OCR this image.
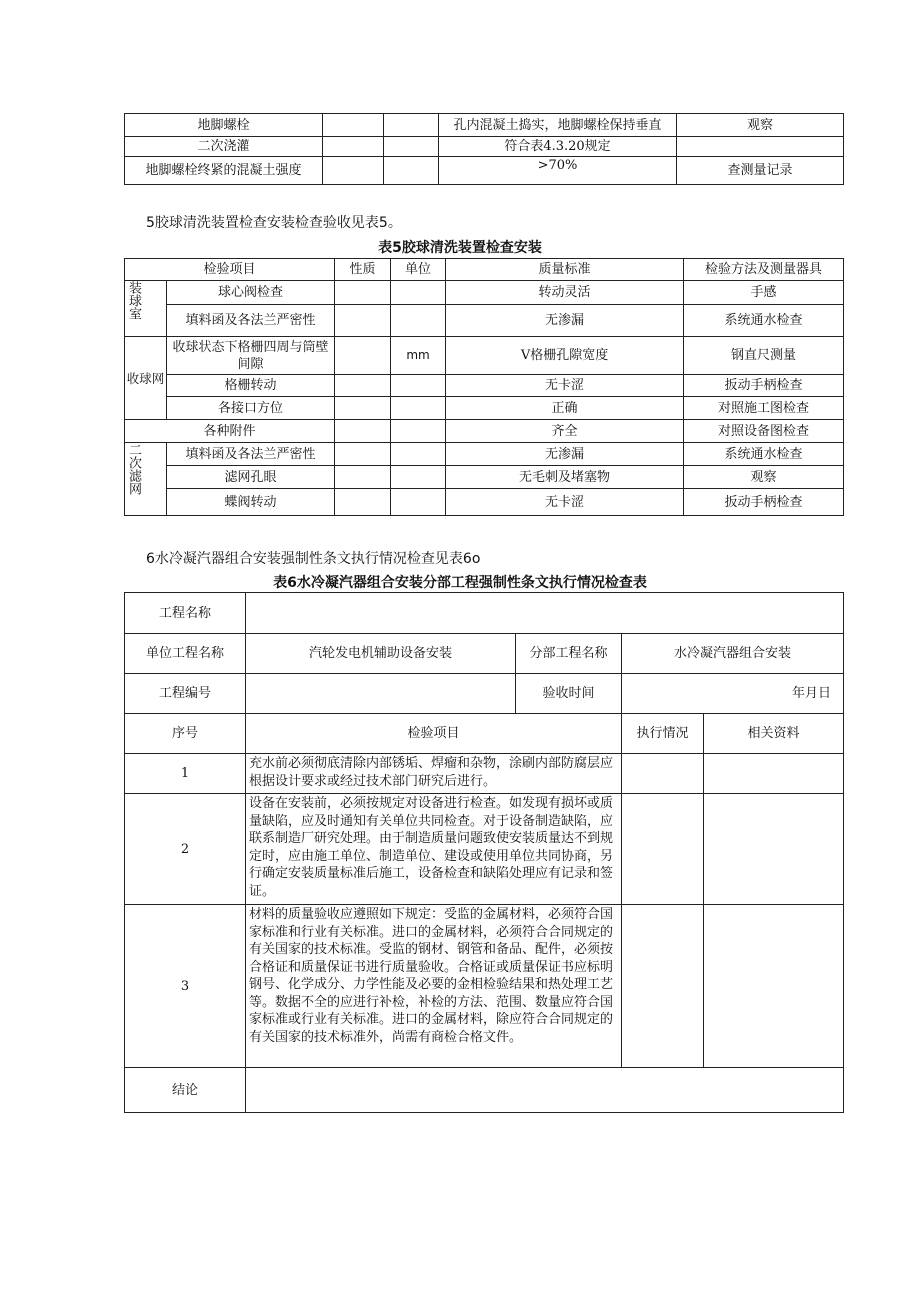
地脚螺栓			孔内混凝土捣实，地脚螺栓保持垂直	观察
二次浇灌			符合表4.3.20规定	
地脚螺栓终紧的混凝土强度			>70%	查测量记录

5胶球清洗装置检查安装检查验收见表5。

表5胶球清洗装置检查安装

检验项目		性质	单位	质量标准	检验方法及测量器具
装球室	球心阀检查			转动灵活	手感
	填料函及各法兰严密性			无渗漏	系统通水检查
收球网	收球状态下格栅四周与筒壁间隙		mm	V格栅孔隙宽度	钢直尺测量
	格栅转动			无卡涩	扳动手柄检查
	各接口方位			正确	对照施工图检查
各种附件				齐全	对照设备图检查
二次滤网	填料函及各法兰严密性			无渗漏	系统通水检查
	滤网孔眼			无毛刺及堵塞物	观察
	蝶阀转动			无卡涩	扳动手柄检查

6水冷凝汽器组合安装强制性条文执行情况检查见表6o

表6水冷凝汽器组合安装分部工程强制性条文执行情况检查表

工程名称				
单位工程名称	汽轮发电机辅助设备安装	分部工程名称	水冷凝汽器组合安装	
工程编号		验收时间	年月日	
序号	检验项目		执行情况	相关资料
1	充水前必须彻底清除内部锈垢、焊瘤和杂物，涂刷内部防腐层应根据设计要求或经过技术部门研究后进行。			
2	设备在安装前，必须按规定对设备进行检查。如发现有损坏或质量缺陷，应及时通知有关单位共同检查。对于设备制造缺陷，应联系制造厂研究处理。由于制造质量问题致使安装质量达不到规定时，应由施工单位、制造单位、建设或使用单位共同协商，另行确定安装质量标准后施工，设备检查和缺陷处理应有记录和签证。			
3	材料的质量验收应遵照如下规定：受监的金属材料，必须符合国家标准和行业有关标准。进口的金属材料，必须符合合同规定的有关国家的技术标准。受监的钢材、钢管和备品、配件，必须按合格证和质量保证书进行质量验收。合格证或质量保证书应标明钢号、化学成分、力学性能及必要的金相检验结果和热处理工艺等。数据不全的应进行补检，补检的方法、范围、数量应符合国家标准或行业有关标准。进口的金属材料，除应符合合同规定的有关国家的技术标准外，尚需有商检合格文件。			
结论				
